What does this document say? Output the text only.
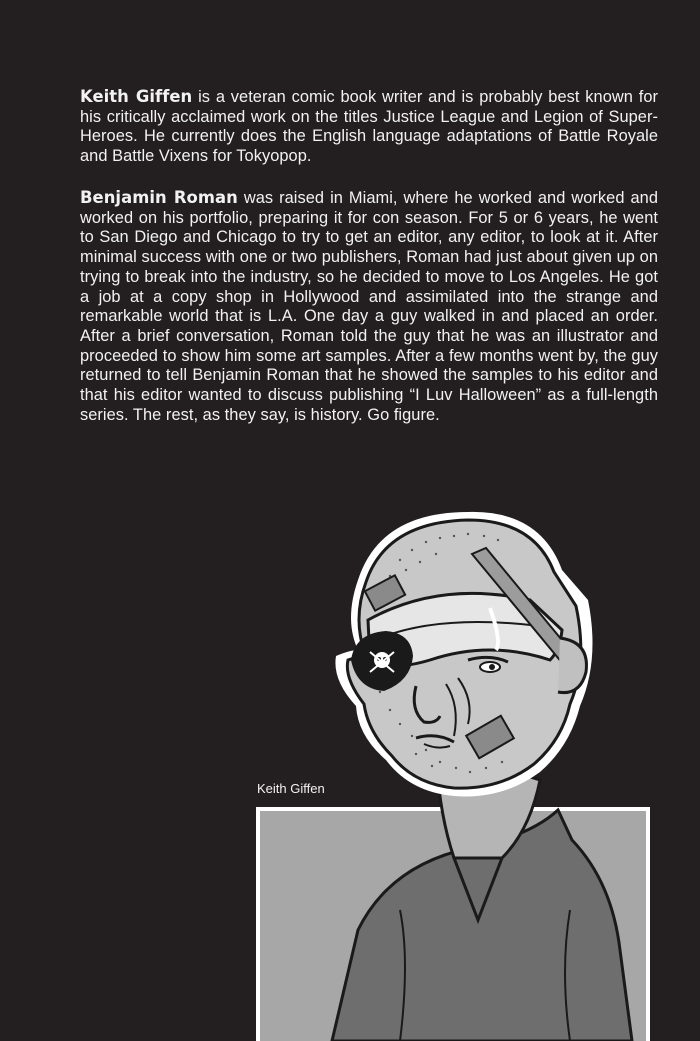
Keith Giffen is a veteran comic book writer and is probably best known for his critically acclaimed work on the titles Justice League and Legion of Super-Heroes. He currently does the English language adaptations of Battle Royale and Battle Vixens for Tokyopop.
Benjamin Roman was raised in Miami, where he worked and worked and worked on his portfolio, preparing it for con season. For 5 or 6 years, he went to San Diego and Chicago to try to get an editor, any editor, to look at it. After minimal success with one or two publishers, Roman had just about given up on trying to break into the industry, so he decided to move to Los Angeles. He got a job at a copy shop in Hollywood and assimilated into the strange and remarkable world that is L.A. One day a guy walked in and placed an order. After a brief conversation, Roman told the guy that he was an illustrator and proceeded to show him some art samples. After a few months went by, the guy returned to tell Benjamin Roman that he showed the samples to his editor and that his editor wanted to discuss publishing “I Luv Halloween” as a full-length series. The rest, as they say, is history. Go figure.
Keith Giffen
